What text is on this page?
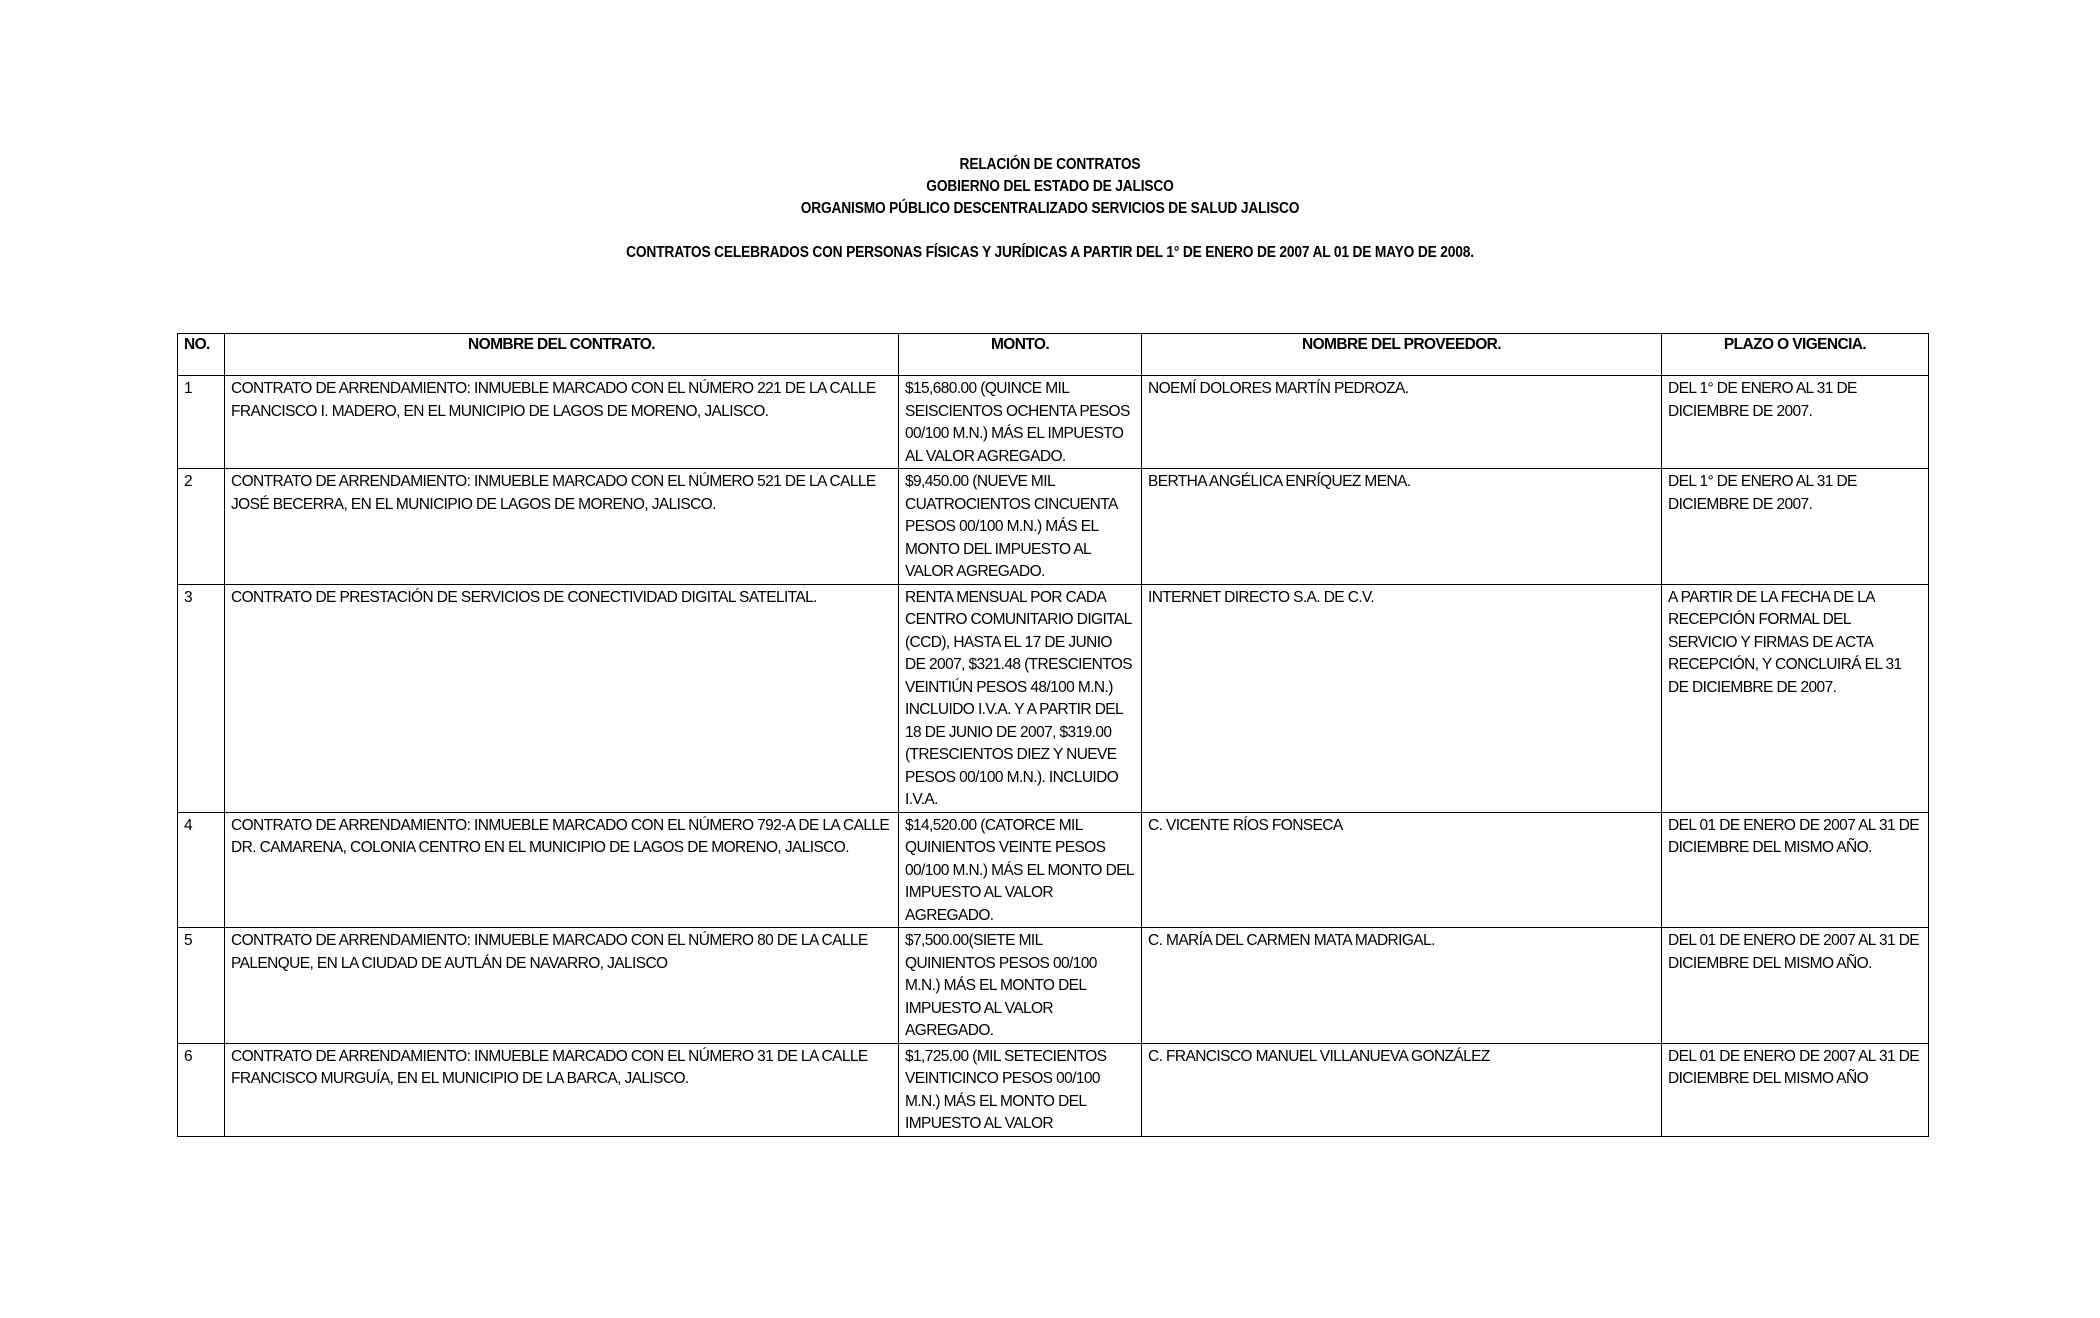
RELACIÓN DE CONTRATOS
GOBIERNO DEL ESTADO DE JALISCO
ORGANISMO PÚBLICO DESCENTRALIZADO SERVICIOS DE SALUD JALISCO
CONTRATOS CELEBRADOS CON PERSONAS FÍSICAS Y JURÍDICAS A PARTIR DEL 1° DE ENERO DE 2007 AL 01 DE MAYO DE 2008.
NO.	NOMBRE DEL CONTRATO.	MONTO.	NOMBRE DEL PROVEEDOR.	PLAZO O VIGENCIA.
1	CONTRATO DE ARRENDAMIENTO: INMUEBLE MARCADO CON EL NÚMERO 221 DE LA CALLE FRANCISCO I. MADERO, EN EL MUNICIPIO DE LAGOS DE MORENO, JALISCO.	$15,680.00 (QUINCE MIL SEISCIENTOS OCHENTA PESOS 00/100 M.N.) MÁS EL IMPUESTO AL VALOR AGREGADO.	NOEMÍ DOLORES MARTÍN PEDROZA.	DEL 1° DE ENERO AL 31 DE DICIEMBRE DE 2007.
2	CONTRATO DE ARRENDAMIENTO: INMUEBLE MARCADO CON EL NÚMERO 521 DE LA CALLE JOSÉ BECERRA, EN EL MUNICIPIO DE LAGOS DE MORENO, JALISCO.	$9,450.00 (NUEVE MIL CUATROCIENTOS CINCUENTA PESOS 00/100 M.N.) MÁS EL MONTO DEL IMPUESTO AL VALOR AGREGADO.	BERTHA ANGÉLICA ENRÍQUEZ MENA.	DEL 1° DE ENERO AL 31 DE DICIEMBRE DE 2007.
3	CONTRATO DE PRESTACIÓN DE SERVICIOS DE CONECTIVIDAD DIGITAL SATELITAL.	RENTA MENSUAL POR CADA CENTRO COMUNITARIO DIGITAL (CCD), HASTA EL 17 DE JUNIO DE 2007, $321.48 (TRESCIENTOS VEINTIÚN PESOS 48/100 M.N.) INCLUIDO I.V.A. Y A PARTIR DEL 18 DE JUNIO DE 2007, $319.00 (TRESCIENTOS DIEZ Y NUEVE PESOS 00/100 M.N.). INCLUIDO I.V.A.	INTERNET DIRECTO S.A. DE C.V.	A PARTIR DE LA FECHA DE LA RECEPCIÓN FORMAL DEL SERVICIO Y FIRMAS DE ACTA RECEPCIÓN, Y CONCLUIRÁ EL 31 DE DICIEMBRE DE 2007.
4	CONTRATO DE ARRENDAMIENTO: INMUEBLE MARCADO CON EL NÚMERO 792-A DE LA CALLE DR. CAMARENA, COLONIA CENTRO EN EL MUNICIPIO DE LAGOS DE MORENO, JALISCO.	$14,520.00 (CATORCE MIL QUINIENTOS VEINTE PESOS 00/100 M.N.) MÁS EL MONTO DEL IMPUESTO AL VALOR AGREGADO.	C. VICENTE RÍOS FONSECA	DEL 01 DE ENERO DE 2007 AL 31 DE DICIEMBRE DEL MISMO AÑO.
5	CONTRATO DE ARRENDAMIENTO: INMUEBLE MARCADO CON EL NÚMERO 80 DE LA CALLE PALENQUE, EN LA CIUDAD DE AUTLÁN DE NAVARRO, JALISCO	$7,500.00(SIETE MIL QUINIENTOS PESOS 00/100 M.N.) MÁS EL MONTO DEL IMPUESTO AL VALOR AGREGADO.	C. MARÍA DEL CARMEN MATA MADRIGAL.	DEL 01 DE ENERO DE 2007 AL 31 DE DICIEMBRE DEL MISMO AÑO.
6	CONTRATO DE ARRENDAMIENTO: INMUEBLE MARCADO CON EL NÚMERO 31 DE LA CALLE FRANCISCO MURGUÍA, EN EL MUNICIPIO DE LA BARCA, JALISCO.	$1,725.00 (MIL SETECIENTOS VEINTICINCO PESOS 00/100 M.N.) MÁS EL MONTO DEL IMPUESTO AL VALOR	C. FRANCISCO MANUEL VILLANUEVA GONZÁLEZ	DEL 01 DE ENERO DE 2007 AL 31 DE DICIEMBRE DEL MISMO AÑO
